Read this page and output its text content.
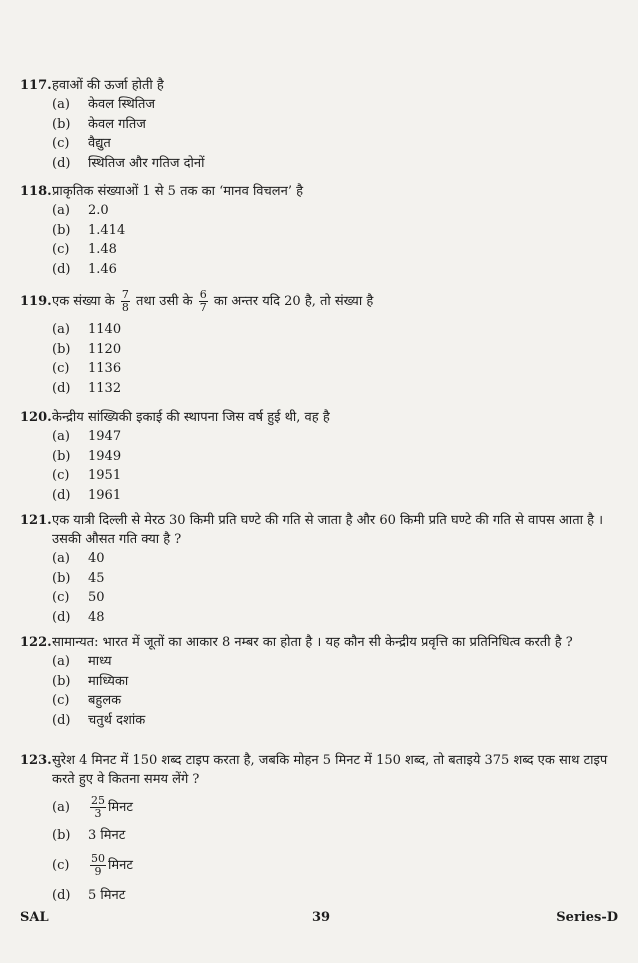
117. हवाओं की ऊर्जा होती है
(a)	केवल स्थितिज
(b)	केवल गतिज
(c)	वैद्युत
(d)	स्थितिज और गतिज दोनों
118. प्राकृतिक संख्याओं 1 से 5 तक का ‘मानव विचलन’ है
(a)	2.0
(b)	1.414
(c)	1.48
(d)	1.46
119. एक संख्या के $\frac{7}{8}$ तथा उसी के $\frac{6}{7}$ का अन्तर यदि 20 है, तो संख्या है
(a)	1140
(b)	1120
(c)	1136
(d)	1132
120. केन्द्रीय सांख्यिकी इकाई की स्थापना जिस वर्ष हुई थी, वह है
(a)	1947
(b)	1949
(c)	1951
(d)	1961
121. एक यात्री दिल्ली से मेरठ 30 किमी प्रति घण्टे की गति से जाता है और 60 किमी प्रति घण्टे की गति से वापस आता है । उसकी औसत गति क्या है ?
(a)	40
(b)	45
(c)	50
(d)	48
122. सामान्यत: भारत में जूतों का आकार 8 नम्बर का होता है । यह कौन सी केन्द्रीय प्रवृत्ति का प्रतिनिधित्व करती है ?
(a)	माध्य
(b)	माध्यिका
(c)	बहुलक
(d)	चतुर्थ दशांक
123. सुरेश 4 मिनट में 150 शब्द टाइप करता है, जबकि मोहन 5 मिनट में 150 शब्द, तो बताइये 375 शब्द एक साथ टाइप करते हुए वे कितना समय लेंगे ?
(a)	$\frac{25}{3}$ मिनट
(b)	3 मिनट
(c)	$\frac{50}{9}$ मिनट
(d)	5 मिनट
SAL	39	Series-D
